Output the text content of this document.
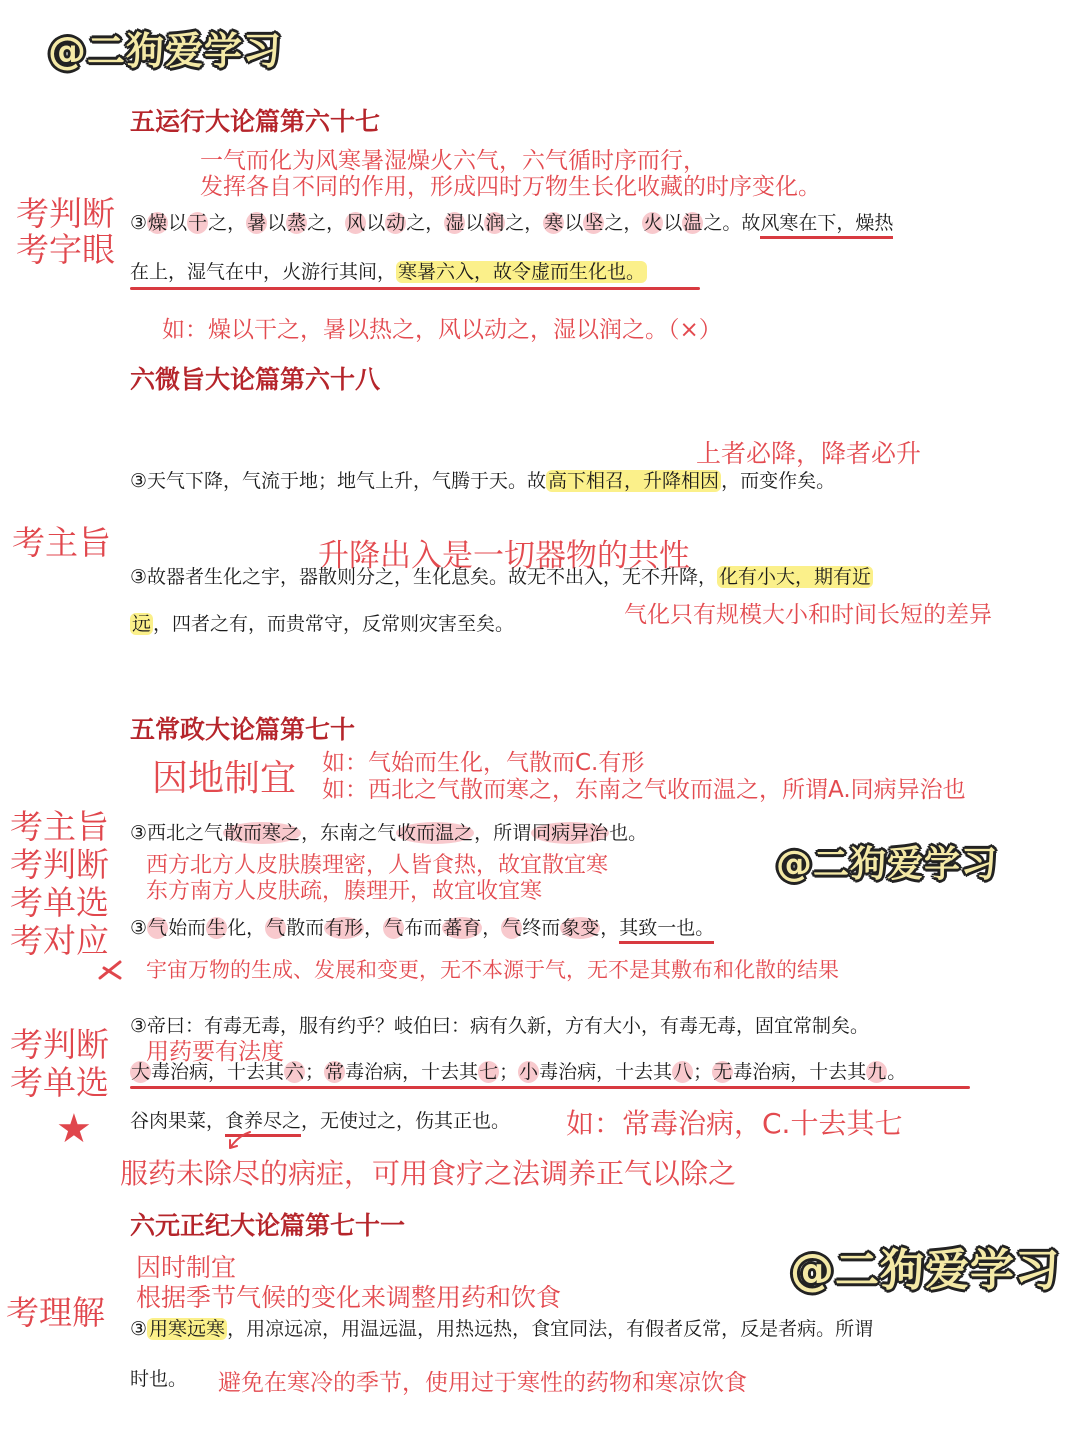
@二狗爱学习
@二狗爱学习
@二狗爱学习
五运行大论篇第六十七
一气而化为风寒暑湿燥火六气，六气循时序而行，
发挥各自不同的作用，形成四时万物生长化收藏的时序变化。
考判断
考字眼
③燥以干之，暑以蒸之，风以动之，湿以润之，寒以坚之，火以温之。故风寒在下，燥热
在上，湿气在中，火游行其间， 寒暑六入，故令虚而生化也。
如：燥以干之，暑以热之，风以动之，湿以润之。（×）
六微旨大论篇第六十八
上者必降，降者必升
③天气下降，气流于地；地气上升，气腾于天。故 高下相召，升降相因 ，而变作矣。
考主旨	升降出入是一切器物的共性
③故器者生化之宇，器散则分之，生化息矣。故无不出入，无不升降， 化有小大，期有近
远 ，四者之有，而贵常守，反常则灾害至矣。	气化只有规模大小和时间长短的差异
五常政大论篇第七十
因地制宜 如：气始而生化，气散而C.有形
如：西北之气散而寒之，东南之气收而温之，所谓A.同病异治也
考主旨
考判断
考单选
考对应
③西北之气散而寒之，东南之气收而温之，所谓同病异治也。
西方北方人皮肤腠理密，人皆食热，故宜散宜寒
东方南方人皮肤疏，腠理开，故宜收宜寒
③气始而生化，气散而有形，气布而蕃育，气终而象变，其致一也。
宇宙万物的生成、发展和变更，无不本源于气，无不是其敷布和化散的结果
③帝曰：有毒无毒，服有约乎？岐伯曰：病有久新，方有大小，有毒无毒，固宜常制矣。
考判断
考单选
★
用药要有法度
大毒治病，十去其六；常毒治病，十去其七；小毒治病，十去其八；无毒治病，十去其九。
谷肉果菜，食养尽之，无使过之，伤其正也。 如：常毒治病，C.十去其七
服药未除尽的病症，可用食疗之法调养正气以除之
六元正纪大论篇第七十一
因时制宜
根据季节气候的变化来调整用药和饮食
考理解 ③ 用寒远寒 ，用凉远凉，用温远温，用热远热，食宜同法，有假者反常，反是者病。所谓
时也。 避免在寒冷的季节，使用过于寒性的药物和寒凉饮食
